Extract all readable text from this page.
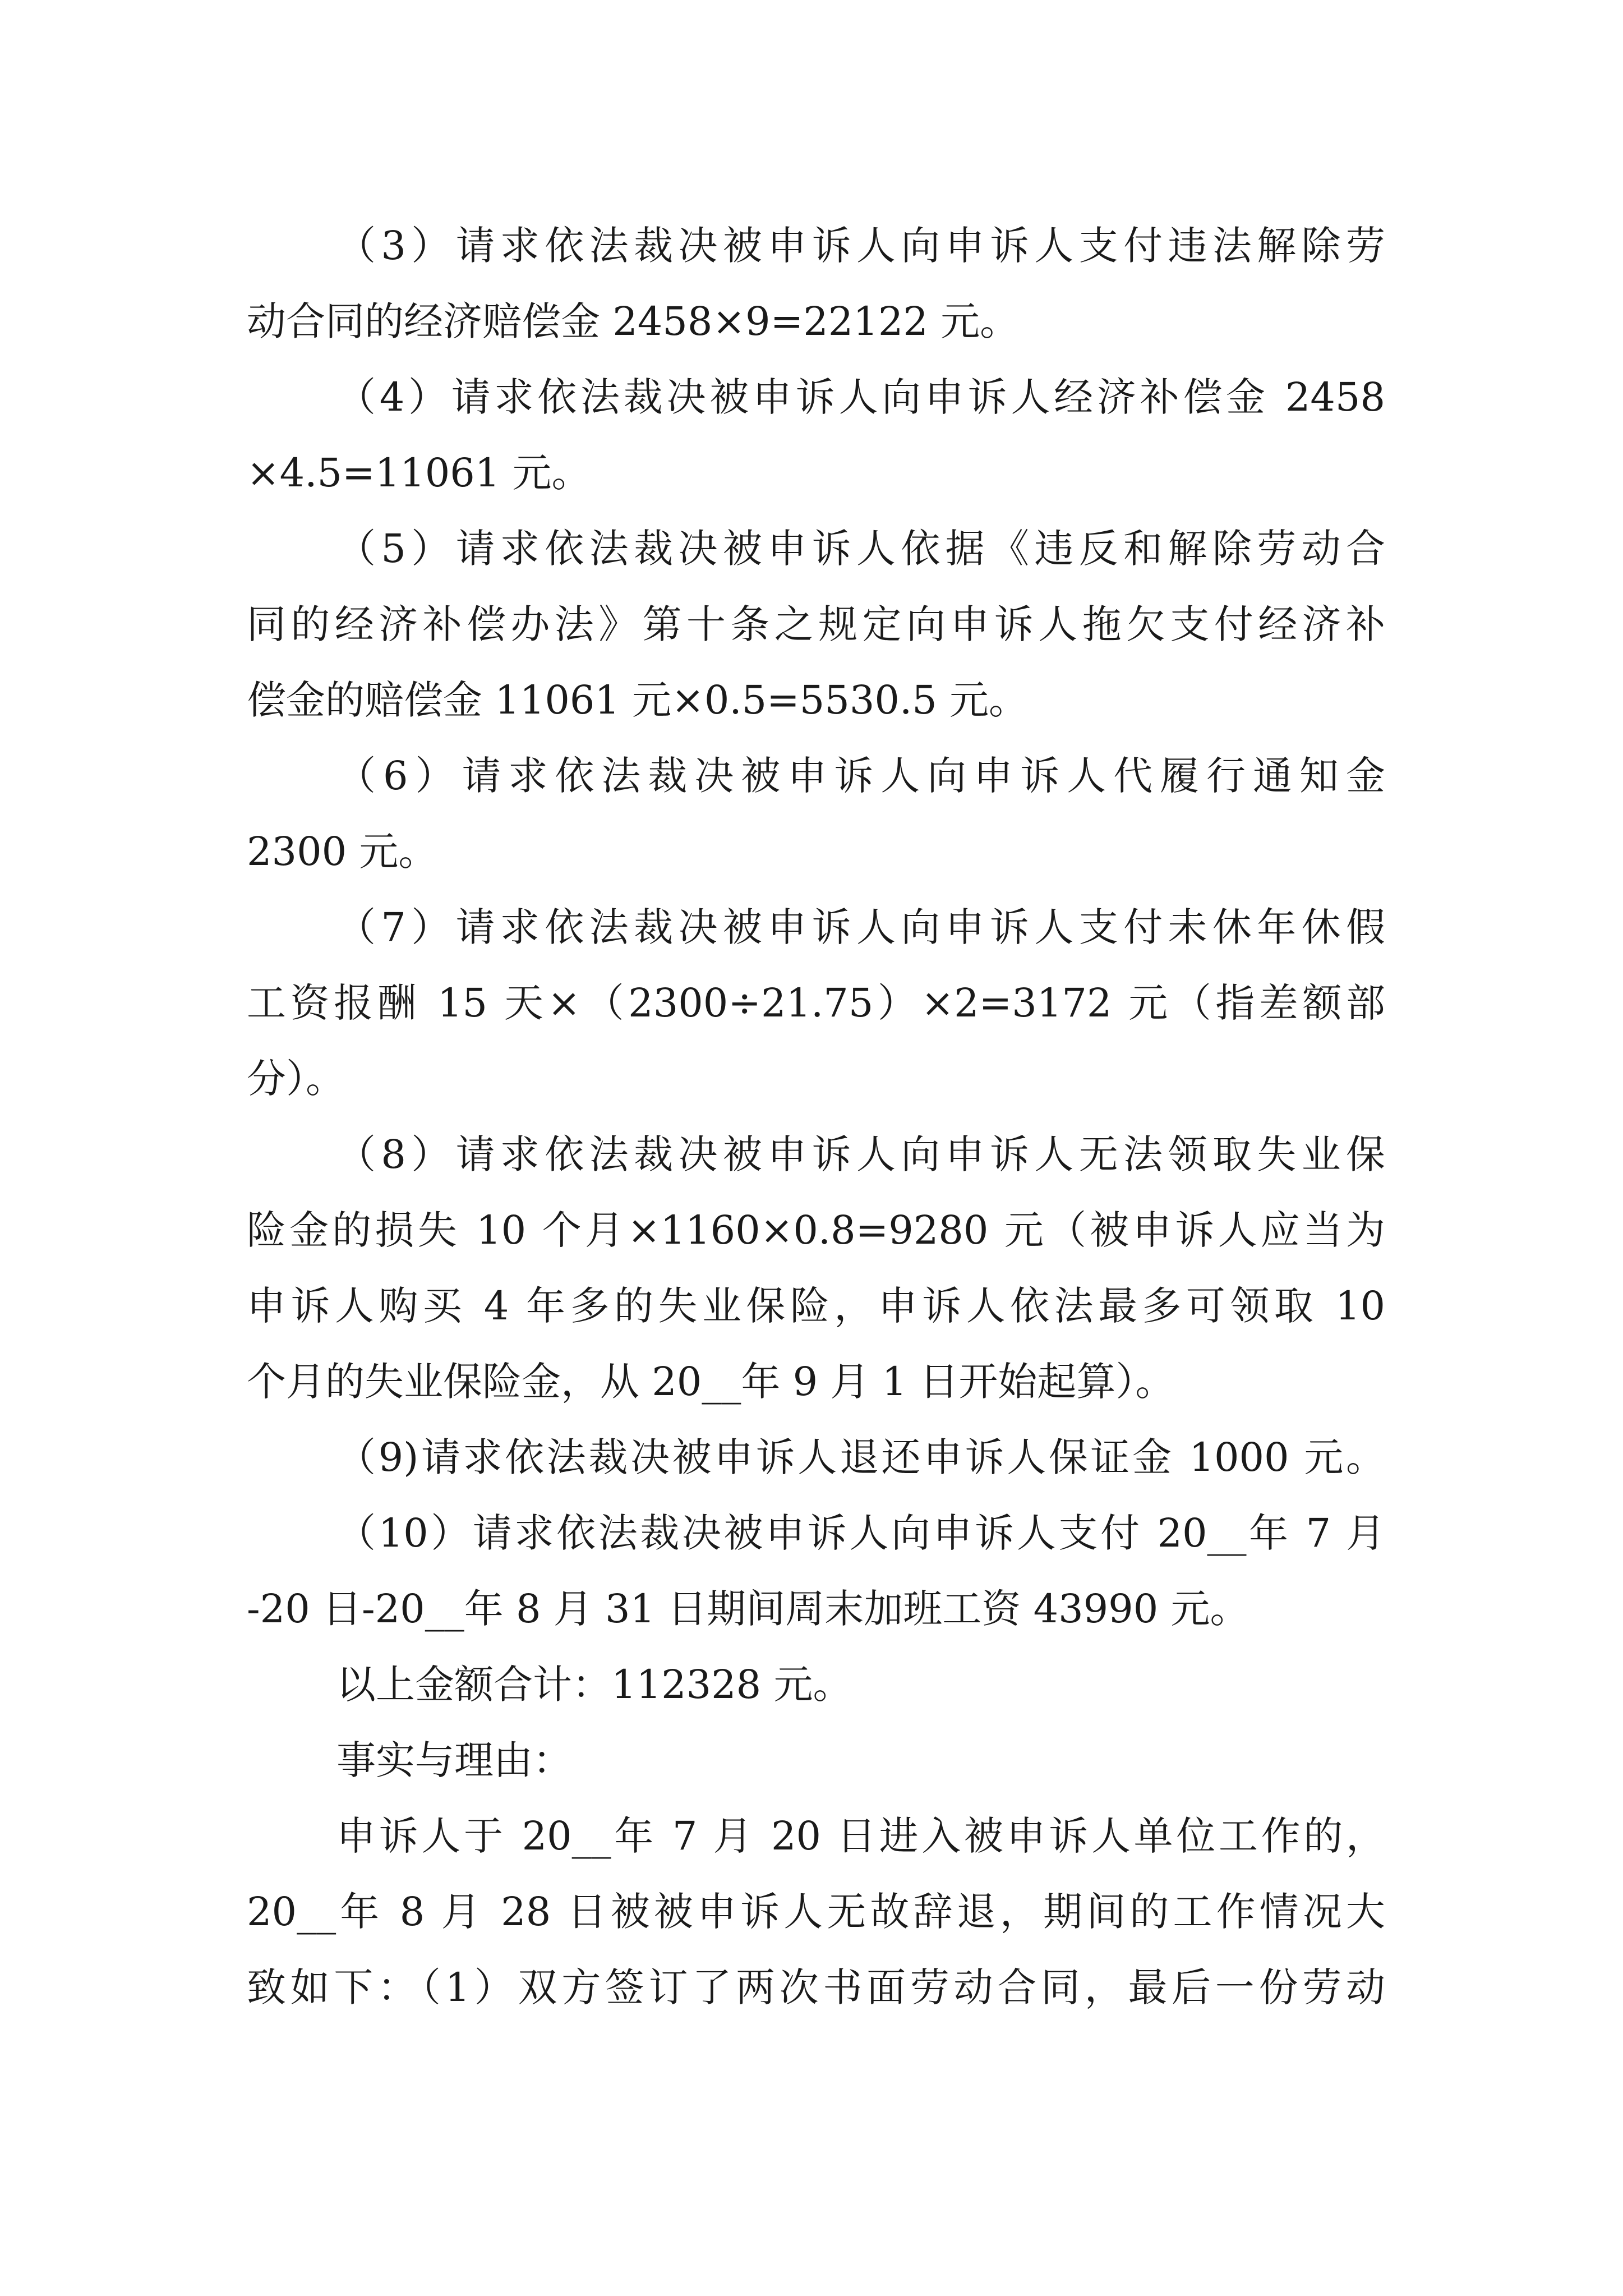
（3）请求依法裁决被申诉人向申诉人支付违法解除劳
动合同的经济赔偿金 2458×9=22122 元。
（4）请求依法裁决被申诉人向申诉人经济补偿金 2458
×4.5=11061 元。
（5）请求依法裁决被申诉人依据《违反和解除劳动合
同的经济补偿办法》第十条之规定向申诉人拖欠支付经济补
偿金的赔偿金 11061 元×0.5=5530.5 元。
（6）请求依法裁决被申诉人向申诉人代履行通知金
2300 元。
（7）请求依法裁决被申诉人向申诉人支付未休年休假
工资报酬 15 天×（2300÷21.75）×2=3172 元（指差额部
分）。
（8）请求依法裁决被申诉人向申诉人无法领取失业保
险金的损失 10 个月×1160×0.8=9280 元（被申诉人应当为
申诉人购买 4 年多的失业保险，申诉人依法最多可领取 10
个月的失业保险金，从 20__年 9 月 1 日开始起算）。
（9)请求依法裁决被申诉人退还申诉人保证金 1000 元。
（10）请求依法裁决被申诉人向申诉人支付 20__年 7 月
-20 日-20__年 8 月 31 日期间周末加班工资 43990 元。
以上金额合计：112328 元。
事实与理由：
申诉人于 20__年 7 月 20 日进入被申诉人单位工作的，
20__年 8 月 28 日被被申诉人无故辞退，期间的工作情况大
致如下：（1）双方签订了两次书面劳动合同，最后一份劳动
